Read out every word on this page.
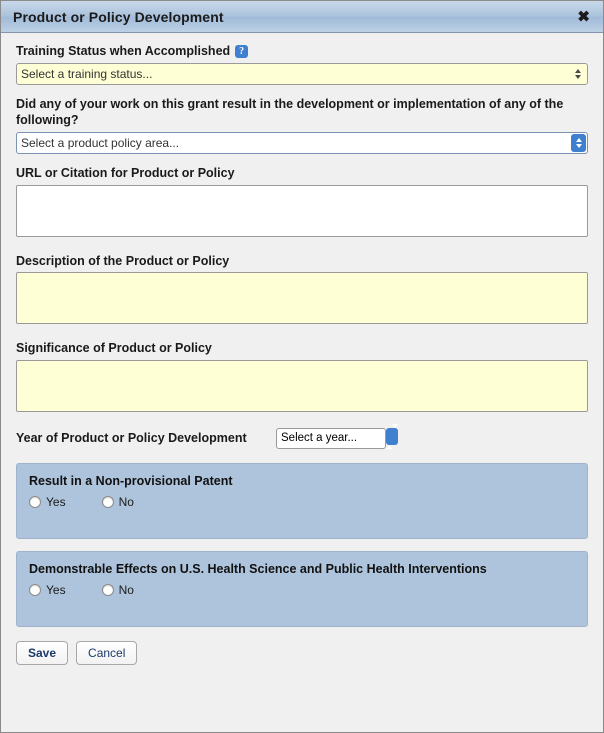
Product or Policy Development	✖
Training Status when Accomplished ?
Select a training status...
Did any of your work on this grant result in the development or implementation of any of the following?
Select a product policy area...
URL or Citation for Product or Policy
Description of the Product or Policy
Significance of Product or Policy
Year of Product or Policy Development
Select a year...
Result in a Non-provisional Patent
Yes	No
Demonstrable Effects on U.S. Health Science and Public Health Interventions
Yes	No
Save	Cancel
